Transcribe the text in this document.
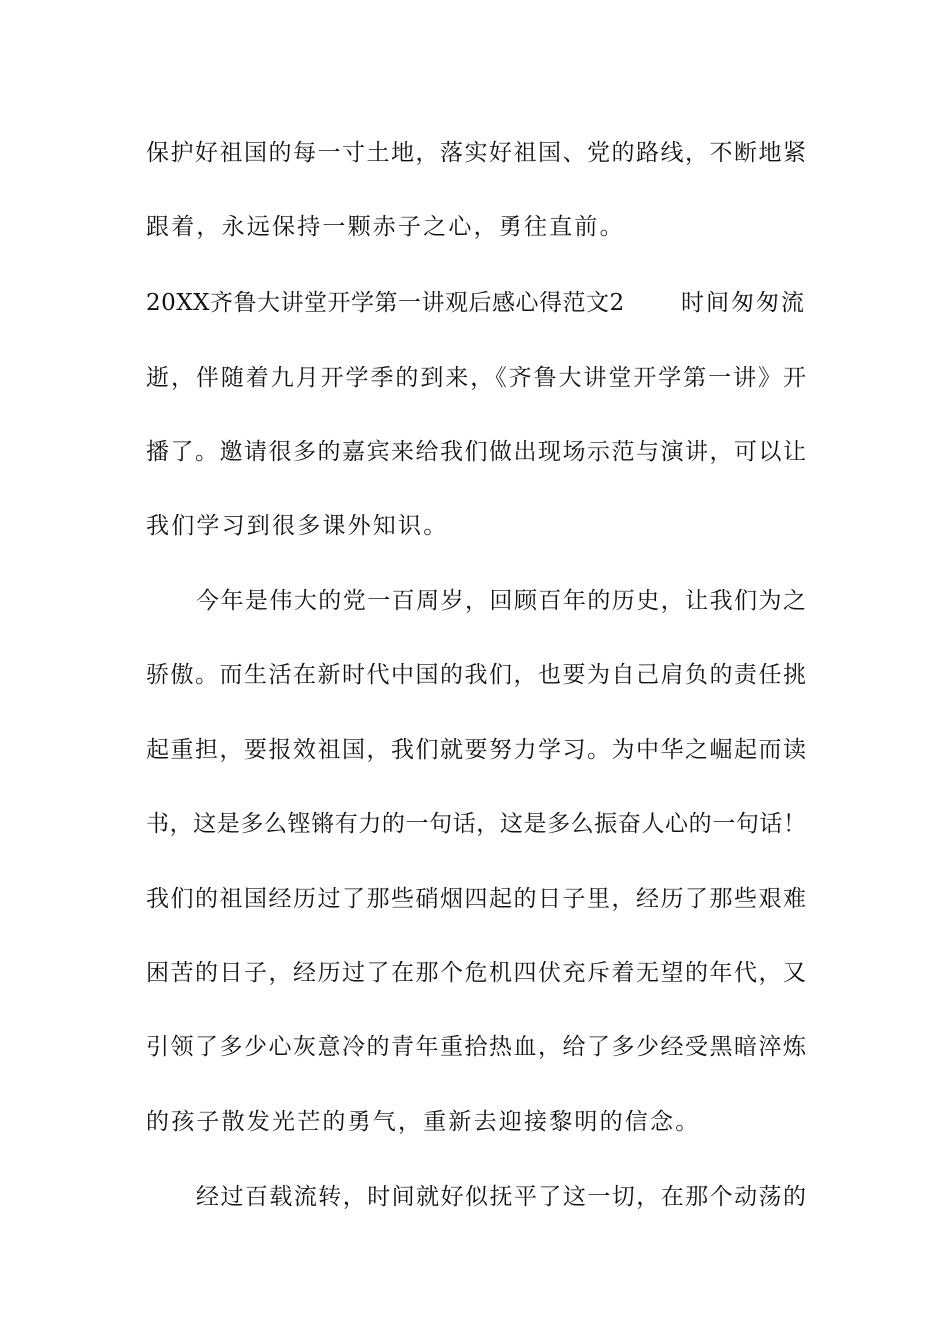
保护好祖国的每一寸土地，落实好祖国、党的路线，不断地紧
跟着，永远保持一颗赤子之心，勇往直前。
20XX齐鲁大讲堂开学第一讲观后感心得范文2 时间匆匆流
逝，伴随着九月开学季的到来，《齐鲁大讲堂开学第一讲》开
播了。邀请很多的嘉宾来给我们做出现场示范与演讲，可以让
我们学习到很多课外知识。
今年是伟大的党一百周岁，回顾百年的历史，让我们为之
骄傲。而生活在新时代中国的我们，也要为自己肩负的责任挑
起重担，要报效祖国，我们就要努力学习。为中华之崛起而读
书，这是多么铿锵有力的一句话，这是多么振奋人心的一句话！
我们的祖国经历过了那些硝烟四起的日子里，经历了那些艰难
困苦的日子，经历过了在那个危机四伏充斥着无望的年代，又
引领了多少心灰意冷的青年重拾热血，给了多少经受黑暗淬炼
的孩子散发光芒的勇气，重新去迎接黎明的信念。
经过百载流转，时间就好似抚平了这一切，在那个动荡的
